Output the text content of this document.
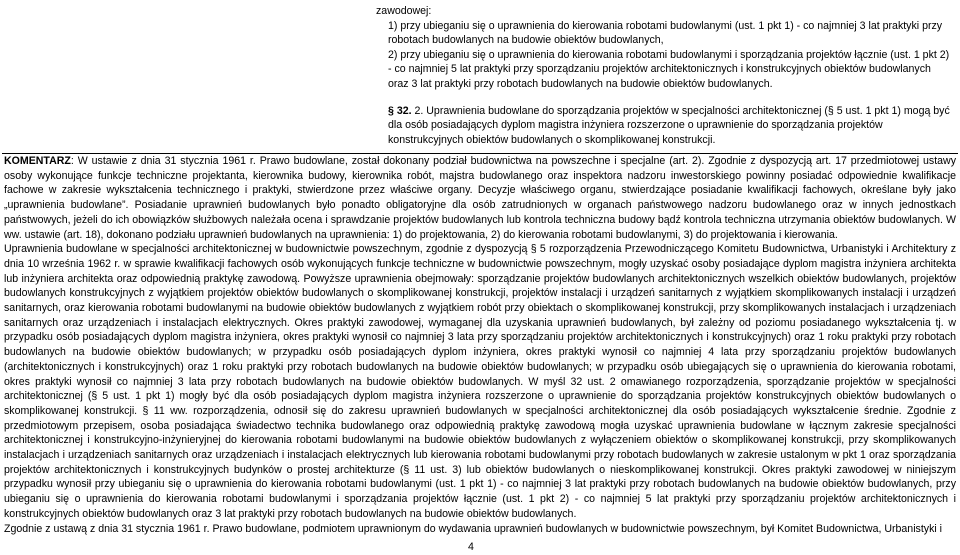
zawodowej:

1) przy ubieganiu się o uprawnienia do kierowania robotami budowlanymi (ust. 1 pkt 1) - co najmniej 3 lat praktyki przy robotach budowlanych na budowie obiektów budowlanych,

2) przy ubieganiu się o uprawnienia do kierowania robotami budowlanymi i sporządzania projektów łącznie (ust. 1 pkt 2) - co najmniej 5 lat praktyki przy sporządzaniu projektów architektonicznych i konstrukcyjnych obiektów budowlanych oraz 3 lat praktyki przy robotach budowlanych na budowie obiektów budowlanych.

§ 32. 2. Uprawnienia budowlane do sporządzania projektów w specjalności architektonicznej (§ 5 ust. 1 pkt 1) mogą być dla osób posiadających dyplom magistra inżyniera rozszerzone o uprawnienie do sporządzania projektów konstrukcyjnych obiektów budowlanych o skomplikowanej konstrukcji.

KOMENTARZ: W ustawie z dnia 31 stycznia 1961 r. Prawo budowlane, został dokonany podział budownictwa na powszechne i specjalne (art. 2). Zgodnie z dyspozycją art. 17 przedmiotowej ustawy osoby wykonujące funkcje techniczne projektanta, kierownika budowy, kierownika robót, majstra budowlanego oraz inspektora nadzoru inwestorskiego powinny posiadać odpowiednie kwalifikacje fachowe w zakresie wykształcenia technicznego i praktyki, stwierdzone przez właściwe organy. Decyzje właściwego organu, stwierdzające posiadanie kwalifikacji fachowych, określane były jako „uprawnienia budowlane”. Posiadanie uprawnień budowlanych było ponadto obligatoryjne dla osób zatrudnionych w organach państwowego nadzoru budowlanego oraz w innych jednostkach państwowych, jeżeli do ich obowiązków służbowych należała ocena i sprawdzanie projektów budowlanych lub kontrola techniczna budowy bądź kontrola techniczna utrzymania obiektów budowlanych. W ww. ustawie (art. 18), dokonano podziału uprawnień budowlanych na uprawnienia: 1) do projektowania, 2) do kierowania robotami budowlanymi, 3) do projektowania i kierowania.

Uprawnienia budowlane w specjalności architektonicznej w budownictwie powszechnym, zgodnie z dyspozycją § 5 rozporządzenia Przewodniczącego Komitetu Budownictwa, Urbanistyki i Architektury z dnia 10 września 1962 r. w sprawie kwalifikacji fachowych osób wykonujących funkcje techniczne w budownictwie powszechnym, mogły uzyskać osoby posiadające dyplom magistra inżyniera architekta lub inżyniera architekta oraz odpowiednią praktykę zawodową. Powyższe uprawnienia obejmowały: sporządzanie projektów budowlanych architektonicznych wszelkich obiektów budowlanych, projektów budowlanych konstrukcyjnych z wyjątkiem projektów obiektów budowlanych o skomplikowanej konstrukcji, projektów instalacji i urządzeń sanitarnych z wyjątkiem skomplikowanych instalacji i urządzeń sanitarnych, oraz kierowania robotami budowlanymi na budowie obiektów budowlanych z wyjątkiem robót przy obiektach o skomplikowanej konstrukcji, przy skomplikowanych instalacjach i urządzeniach sanitarnych oraz urządzeniach i instalacjach elektrycznych. Okres praktyki zawodowej, wymaganej dla uzyskania uprawnień budowlanych, był zależny od poziomu posiadanego wykształcenia tj. w przypadku osób posiadających dyplom magistra inżyniera, okres praktyki wynosił co najmniej 3 lata przy sporządzaniu projektów architektonicznych i konstrukcyjnych) oraz 1 roku praktyki przy robotach budowlanych na budowie obiektów budowlanych; w przypadku osób posiadających dyplom inżyniera, okres praktyki wynosił co najmniej 4 lata przy sporządzaniu projektów budowlanych (architektonicznych i konstrukcyjnych) oraz 1 roku praktyki przy robotach budowlanych na budowie obiektów budowlanych; w przypadku osób ubiegających się o uprawnienia do kierowania robotami, okres praktyki wynosił co najmniej 3 lata przy robotach budowlanych na budowie obiektów budowlanych. W myśl 32 ust. 2 omawianego rozporządzenia, sporządzanie projektów w specjalności architektonicznej (§ 5 ust. 1 pkt 1) mogły być dla osób posiadających dyplom magistra inżyniera rozszerzone o uprawnienie do sporządzania projektów konstrukcyjnych obiektów budowlanych o skomplikowanej konstrukcji. § 11 ww. rozporządzenia, odnosił się do zakresu uprawnień budowlanych w specjalności architektonicznej dla osób posiadających wykształcenie średnie. Zgodnie z przedmiotowym przepisem, osoba posiadająca świadectwo technika budowlanego oraz odpowiednią praktykę zawodową mogła uzyskać uprawnienia budowlane w łącznym zakresie specjalności architektonicznej i konstrukcyjno-inżynieryjnej do kierowania robotami budowlanymi na budowie obiektów budowlanych z wyłączeniem obiektów o skomplikowanej konstrukcji, przy skomplikowanych instalacjach i urządzeniach sanitarnych oraz urządzeniach i instalacjach elektrycznych lub kierowania robotami budowlanymi przy robotach budowlanych w zakresie ustalonym w pkt 1 oraz sporządzania projektów architektonicznych i konstrukcyjnych budynków o prostej architekturze (§ 11 ust. 3) lub obiektów budowlanych o nieskomplikowanej konstrukcji. Okres praktyki zawodowej w niniejszym przypadku wynosił przy ubieganiu się o uprawnienia do kierowania robotami budowlanymi (ust. 1 pkt 1) - co najmniej 3 lat praktyki przy robotach budowlanych na budowie obiektów budowlanych, przy ubieganiu się o uprawnienia do kierowania robotami budowlanymi i sporządzania projektów łącznie (ust. 1 pkt 2) - co najmniej 5 lat praktyki przy sporządzaniu projektów architektonicznych i konstrukcyjnych obiektów budowlanych oraz 3 lat praktyki przy robotach budowlanych na budowie obiektów budowlanych.

Zgodnie z ustawą z dnia 31 stycznia 1961 r. Prawo budowlane, podmiotem uprawnionym do wydawania uprawnień budowlanych w budownictwie powszechnym, był Komitet Budownictwa, Urbanistyki i

4
